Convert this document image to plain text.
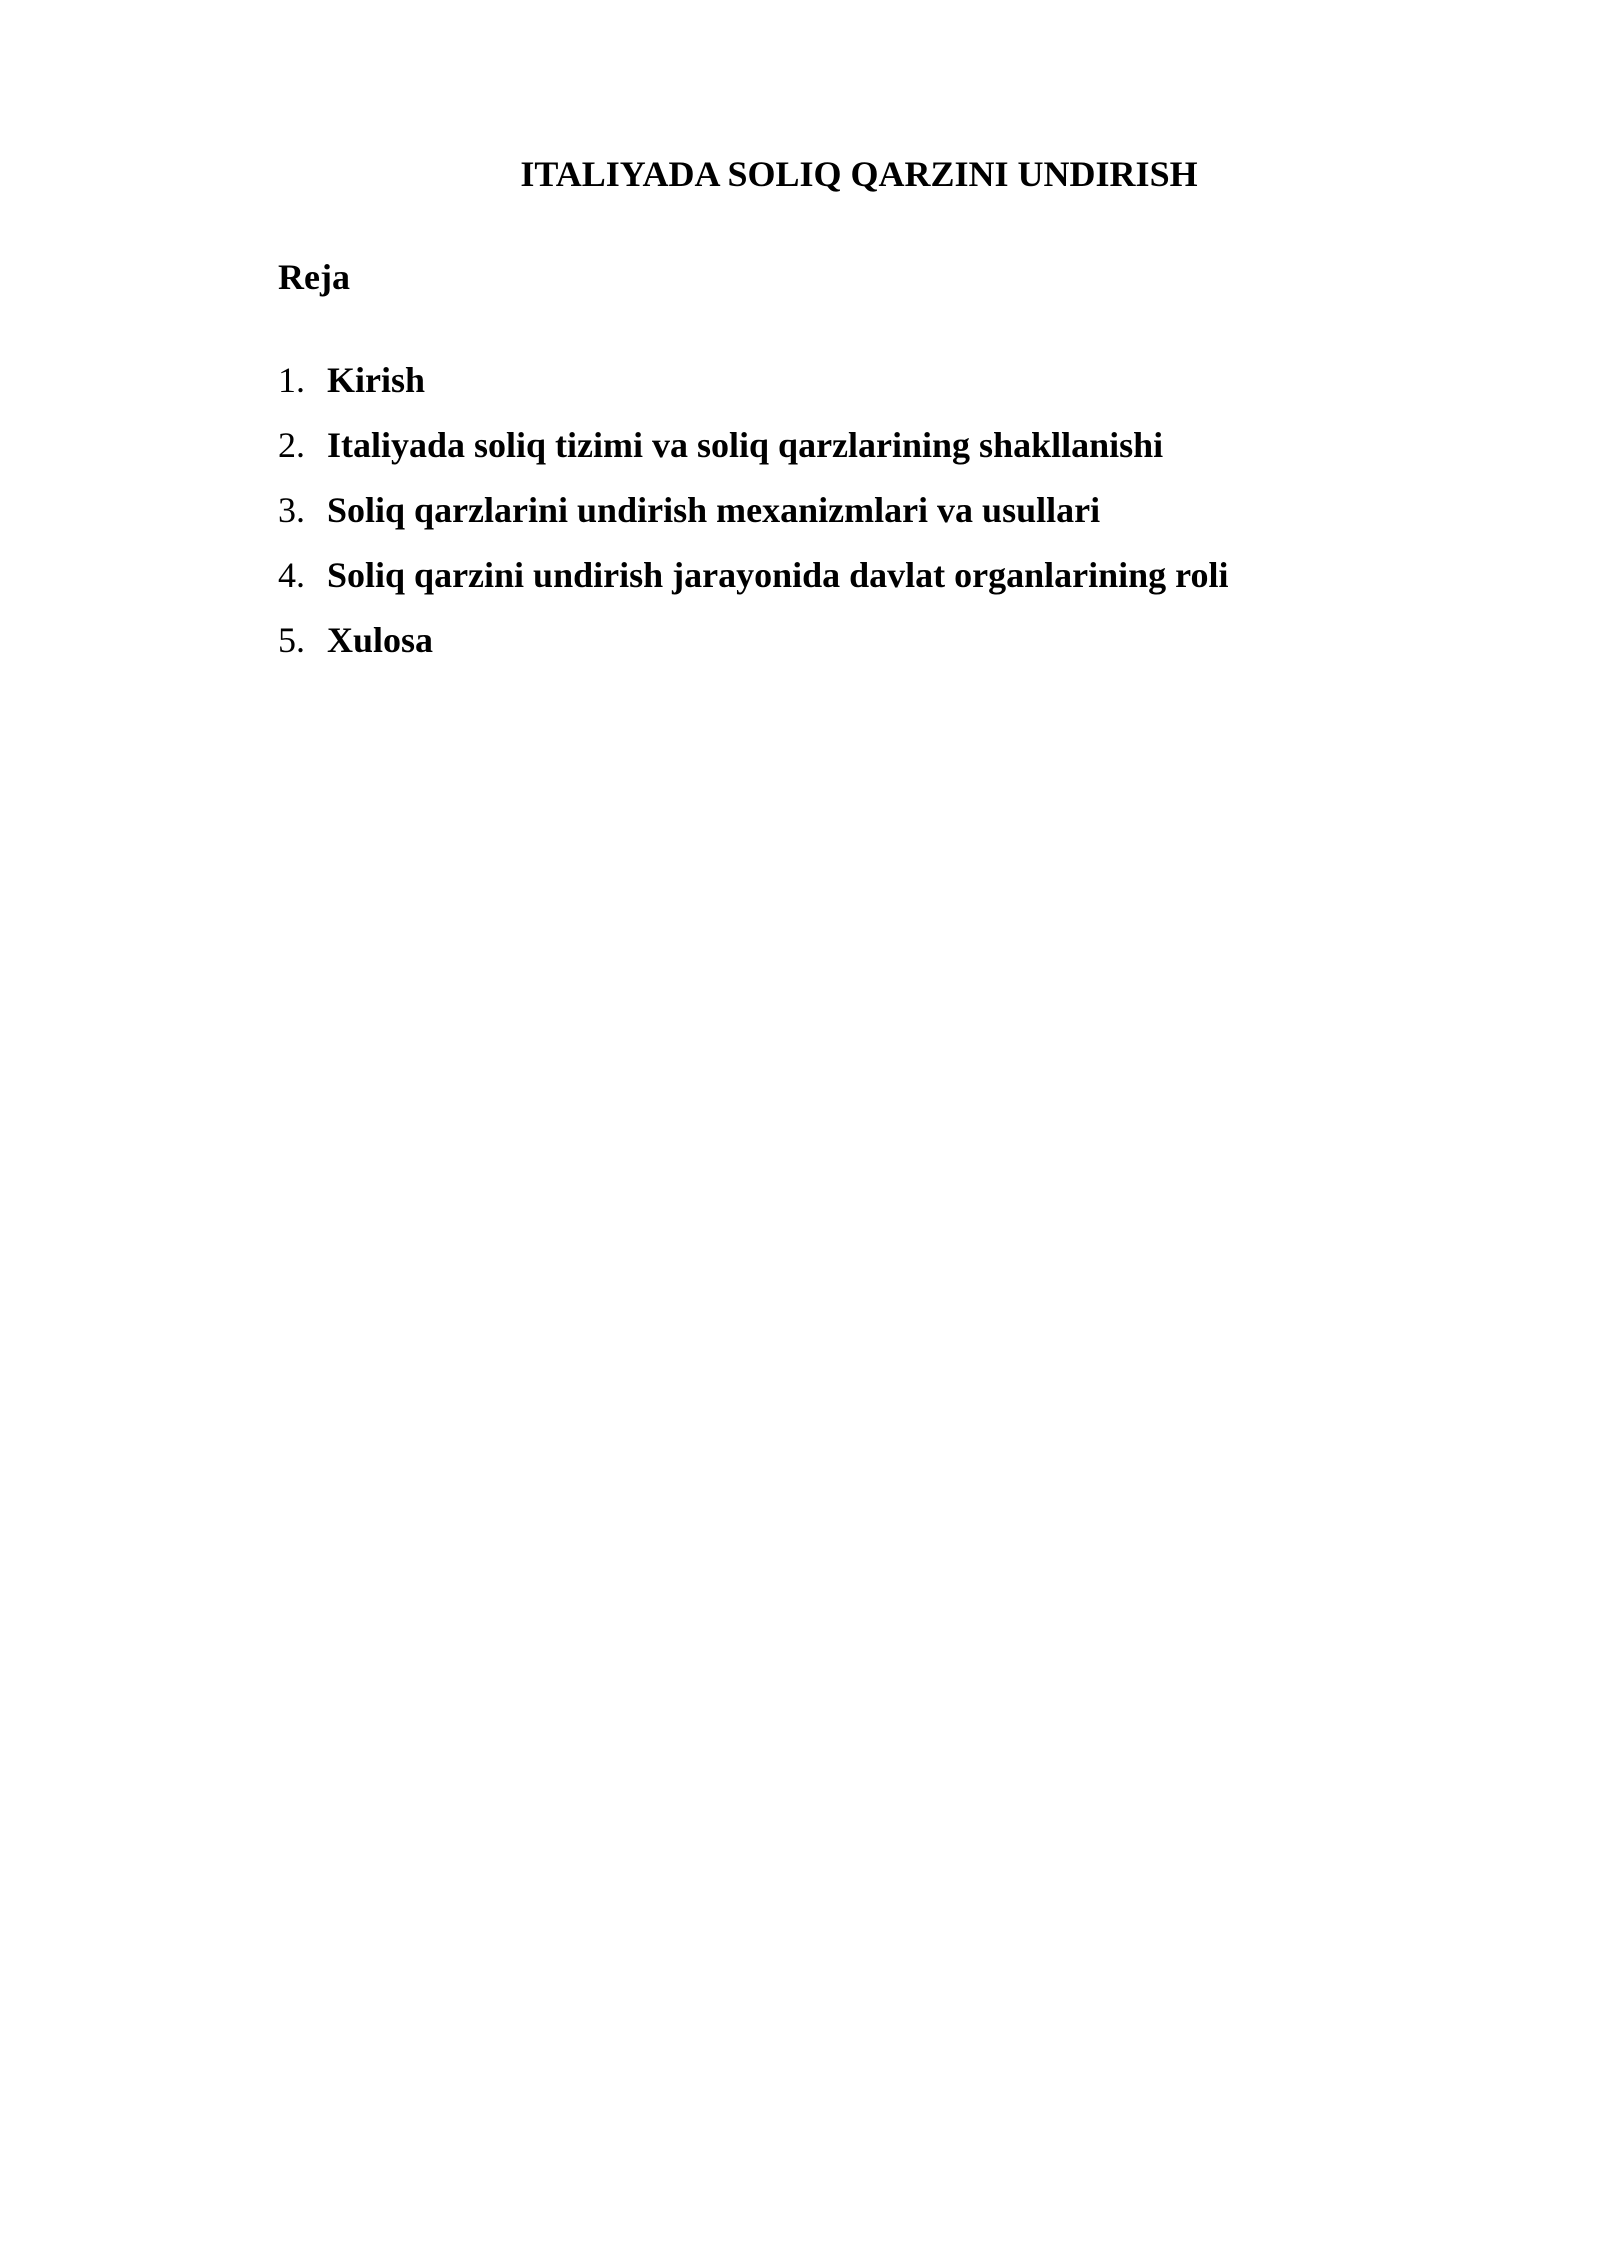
ITALIYADA SOLIQ QARZINI UNDIRISH
Reja
1. Kirish
2. Italiyada soliq tizimi va soliq qarzlarining shakllanishi
3. Soliq qarzlarini undirish mexanizmlari va usullari
4. Soliq qarzini undirish jarayonida davlat organlarining roli
5. Xulosa
